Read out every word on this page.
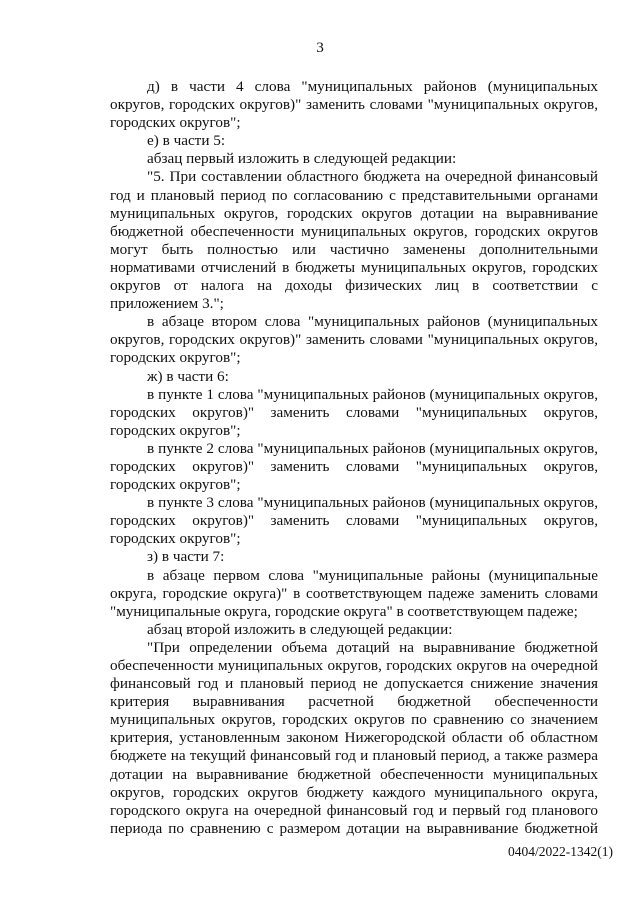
3

д) в части 4 слова "муниципальных районов (муниципальных округов, городских округов)" заменить словами "муниципальных округов, городских округов";

е) в части 5:

абзац первый изложить в следующей редакции:

"5. При составлении областного бюджета на очередной финансовый год и плановый период по согласованию с представительными органами муниципальных округов, городских округов дотации на выравнивание бюджетной обеспеченности муниципальных округов, городских округов могут быть полностью или частично заменены дополнительными нормативами отчислений в бюджеты муниципальных округов, городских округов от налога на доходы физических лиц в соответствии с приложением 3.";

в абзаце втором слова "муниципальных районов (муниципальных округов, городских округов)" заменить словами "муниципальных округов, городских округов";

ж) в части 6:

в пункте 1 слова "муниципальных районов (муниципальных округов, городских округов)" заменить словами "муниципальных округов, городских округов";

в пункте 2 слова "муниципальных районов (муниципальных округов, городских округов)" заменить словами "муниципальных округов, городских округов";

в пункте 3 слова "муниципальных районов (муниципальных округов, городских округов)" заменить словами "муниципальных округов, городских округов";

з) в части 7:

в абзаце первом слова "муниципальные районы (муниципальные округа, городские округа)" в соответствующем падеже заменить словами "муниципальные округа, городские округа" в соответствующем падеже;

абзац второй изложить в следующей редакции:

"При определении объема дотаций на выравнивание бюджетной обеспеченности муниципальных округов, городских округов на очередной финансовый год и плановый период не допускается снижение значения критерия выравнивания расчетной бюджетной обеспеченности муниципальных округов, городских округов по сравнению со значением критерия, установленным законом Нижегородской области об областном бюджете на текущий финансовый год и плановый период, а также размера дотации на выравнивание бюджетной обеспеченности муниципальных округов, городских округов бюджету каждого муниципального округа, городского округа на очередной финансовый год и первый год планового периода по сравнению с размером дотации на выравнивание бюджетной

0404/2022-1342(1)
